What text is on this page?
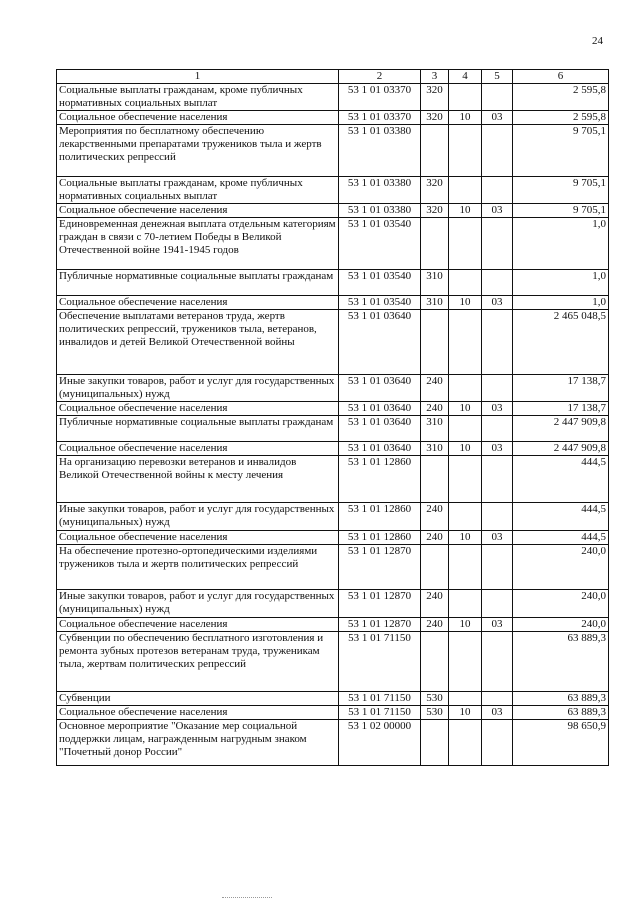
24
1	2	3	4	5	6
Социальные выплаты гражданам, кроме публичных нормативных социальных выплат	53 1 01 03370	320			2 595,8
Социальное обеспечение населения	53 1 01 03370	320	10	03	2 595,8
Мероприятия по бесплатному обеспечению лекарственными препаратами тружеников тыла и жертв политических репрессий	53 1 01 03380				9 705,1
Социальные выплаты гражданам, кроме публичных нормативных социальных выплат	53 1 01 03380	320			9 705,1
Социальное обеспечение населения	53 1 01 03380	320	10	03	9 705,1
Единовременная денежная выплата отдельным категориям граждан в связи с 70-летием Победы в Великой Отечественной войне 1941-1945 годов	53 1 01 03540				1,0
Публичные нормативные социальные выплаты гражданам	53 1 01 03540	310			1,0
Социальное обеспечение населения	53 1 01 03540	310	10	03	1,0
Обеспечение выплатами ветеранов труда, жертв политических репрессий, тружеников тыла, ветеранов, инвалидов и детей Великой Отечественной войны	53 1 01 03640				2 465 048,5
Иные закупки товаров, работ и услуг для государственных (муниципальных) нужд	53 1 01 03640	240			17 138,7
Социальное обеспечение населения	53 1 01 03640	240	10	03	17 138,7
Публичные нормативные социальные выплаты гражданам	53 1 01 03640	310			2 447 909,8
Социальное обеспечение населения	53 1 01 03640	310	10	03	2 447 909,8
На организацию перевозки ветеранов и инвалидов Великой Отечественной войны к месту лечения	53 1 01 12860				444,5
Иные закупки товаров, работ и услуг для государственных (муниципальных) нужд	53 1 01 12860	240			444,5
Социальное обеспечение населения	53 1 01 12860	240	10	03	444,5
На обеспечение протезно-ортопедическими изделиями тружеников тыла и жертв политических репрессий	53 1 01 12870				240,0
Иные закупки товаров, работ и услуг для государственных (муниципальных) нужд	53 1 01 12870	240			240,0
Социальное обеспечение населения	53 1 01 12870	240	10	03	240,0
Субвенции по обеспечению бесплатного изготовления и ремонта зубных протезов ветеранам труда, труженикам тыла, жертвам политических репрессий	53 1 01 71150				63 889,3
Субвенции	53 1 01 71150	530			63 889,3
Социальное обеспечение населения	53 1 01 71150	530	10	03	63 889,3
Основное мероприятие "Оказание мер социальной поддержки лицам, награжденным нагрудным знаком "Почетный донор России"	53 1 02 00000				98 650,9
